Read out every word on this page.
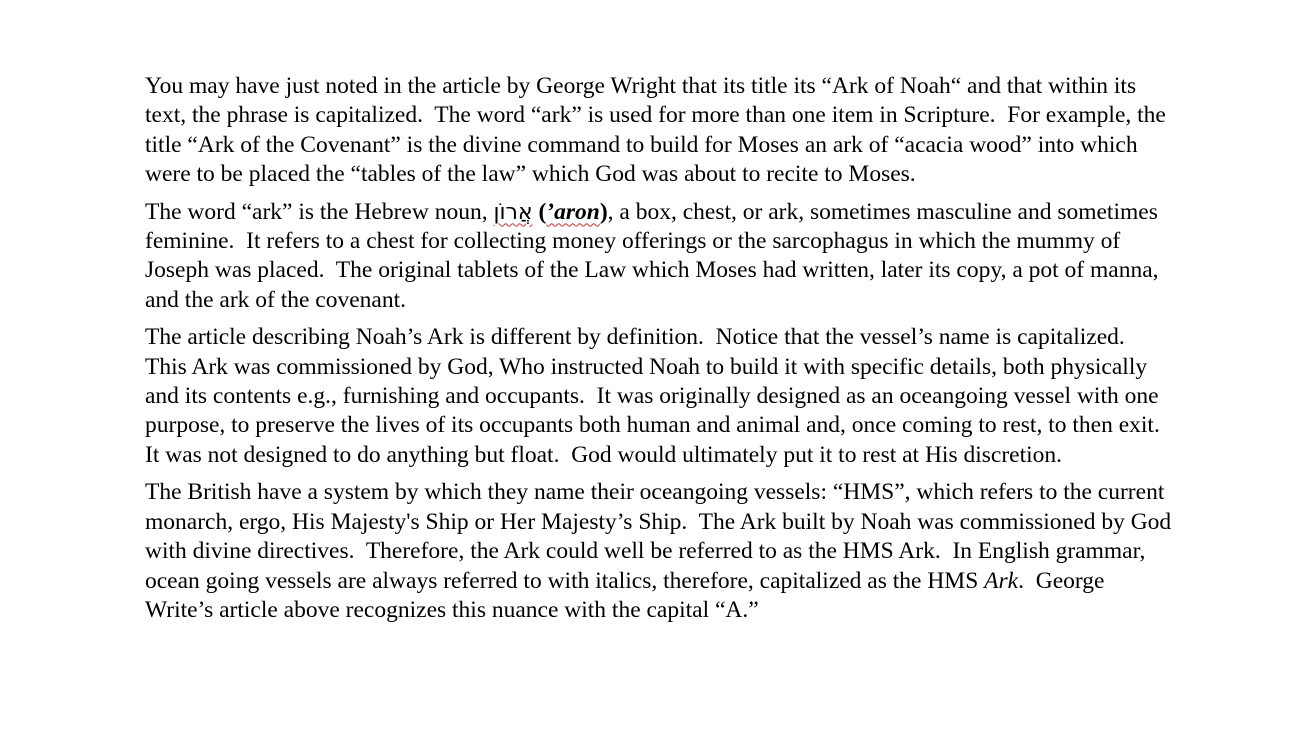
You may have just noted in the article by George Wright that its title its “Ark of Noah“ and that within its text, the phrase is capitalized.  The word “ark” is used for more than one item in Scripture.  For example, the title “Ark of the Covenant” is the divine command to build for Moses an ark of “acacia wood” into which were to be placed the “tables of the law” which God was about to recite to Moses.

The word “ark” is the Hebrew noun, אֲרוֹן (’aron), a box, chest, or ark, sometimes masculine and sometimes feminine.  It refers to a chest for collecting money offerings or the sarcophagus in which the mummy of Joseph was placed.  The original tablets of the Law which Moses had written, later its copy, a pot of manna, and the ark of the covenant.

The article describing Noah’s Ark is different by definition.  Notice that the vessel’s name is capitalized.  This Ark was commissioned by God, Who instructed Noah to build it with specific details, both physically and its contents e.g., furnishing and occupants.  It was originally designed as an oceangoing vessel with one purpose, to preserve the lives of its occupants both human and animal and, once coming to rest, to then exit.  It was not designed to do anything but float.  God would ultimately put it to rest at His discretion.

The British have a system by which they name their oceangoing vessels: “HMS”, which refers to the current monarch, ergo, His Majesty's Ship or Her Majesty’s Ship.  The Ark built by Noah was commissioned by God with divine directives.  Therefore, the Ark could well be referred to as the HMS Ark.  In English grammar, ocean going vessels are always referred to with italics, therefore, capitalized as the HMS Ark.  George Write’s article above recognizes this nuance with the capital “A.”
